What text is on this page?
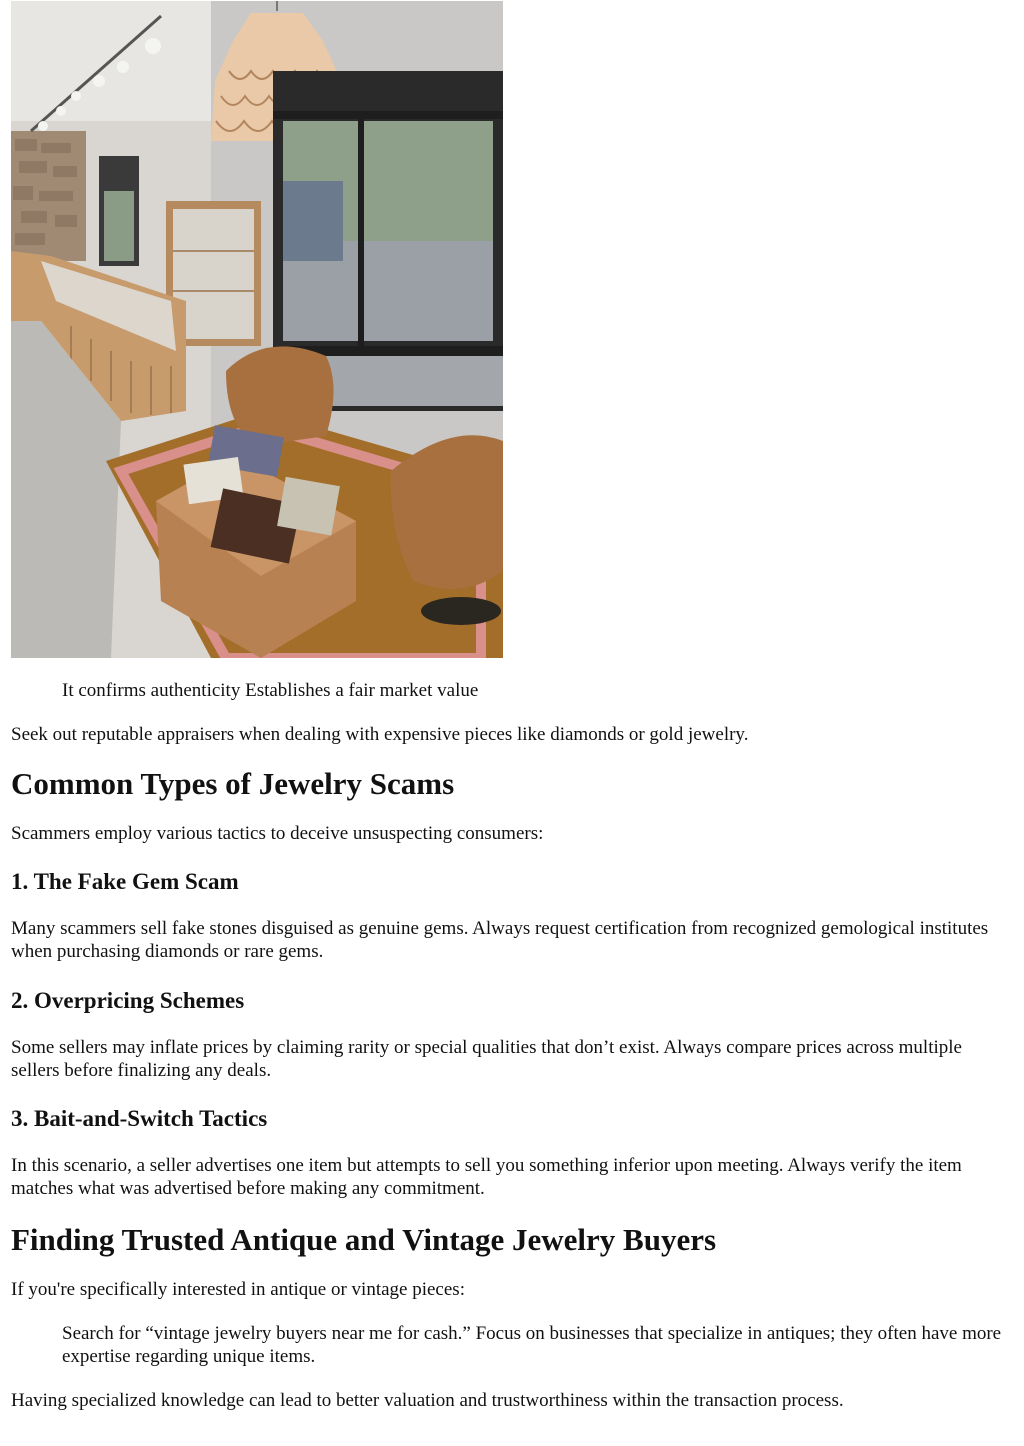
It confirms authenticity Establishes a fair market value

Seek out reputable appraisers when dealing with expensive pieces like diamonds or gold jewelry.

Common Types of Jewelry Scams

Scammers employ various tactics to deceive unsuspecting consumers:

1. The Fake Gem Scam

Many scammers sell fake stones disguised as genuine gems. Always request certification from recognized gemological institutes when purchasing diamonds or rare gems.

2. Overpricing Schemes

Some sellers may inflate prices by claiming rarity or special qualities that don’t exist. Always compare prices across multiple sellers before finalizing any deals.

3. Bait-and-Switch Tactics

In this scenario, a seller advertises one item but attempts to sell you something inferior upon meeting. Always verify the item matches what was advertised before making any commitment.

Finding Trusted Antique and Vintage Jewelry Buyers

If you're specifically interested in antique or vintage pieces:

Search for “vintage jewelry buyers near me for cash.” Focus on businesses that specialize in antiques; they often have more expertise regarding unique items.

Having specialized knowledge can lead to better valuation and trustworthiness within the transaction process.
